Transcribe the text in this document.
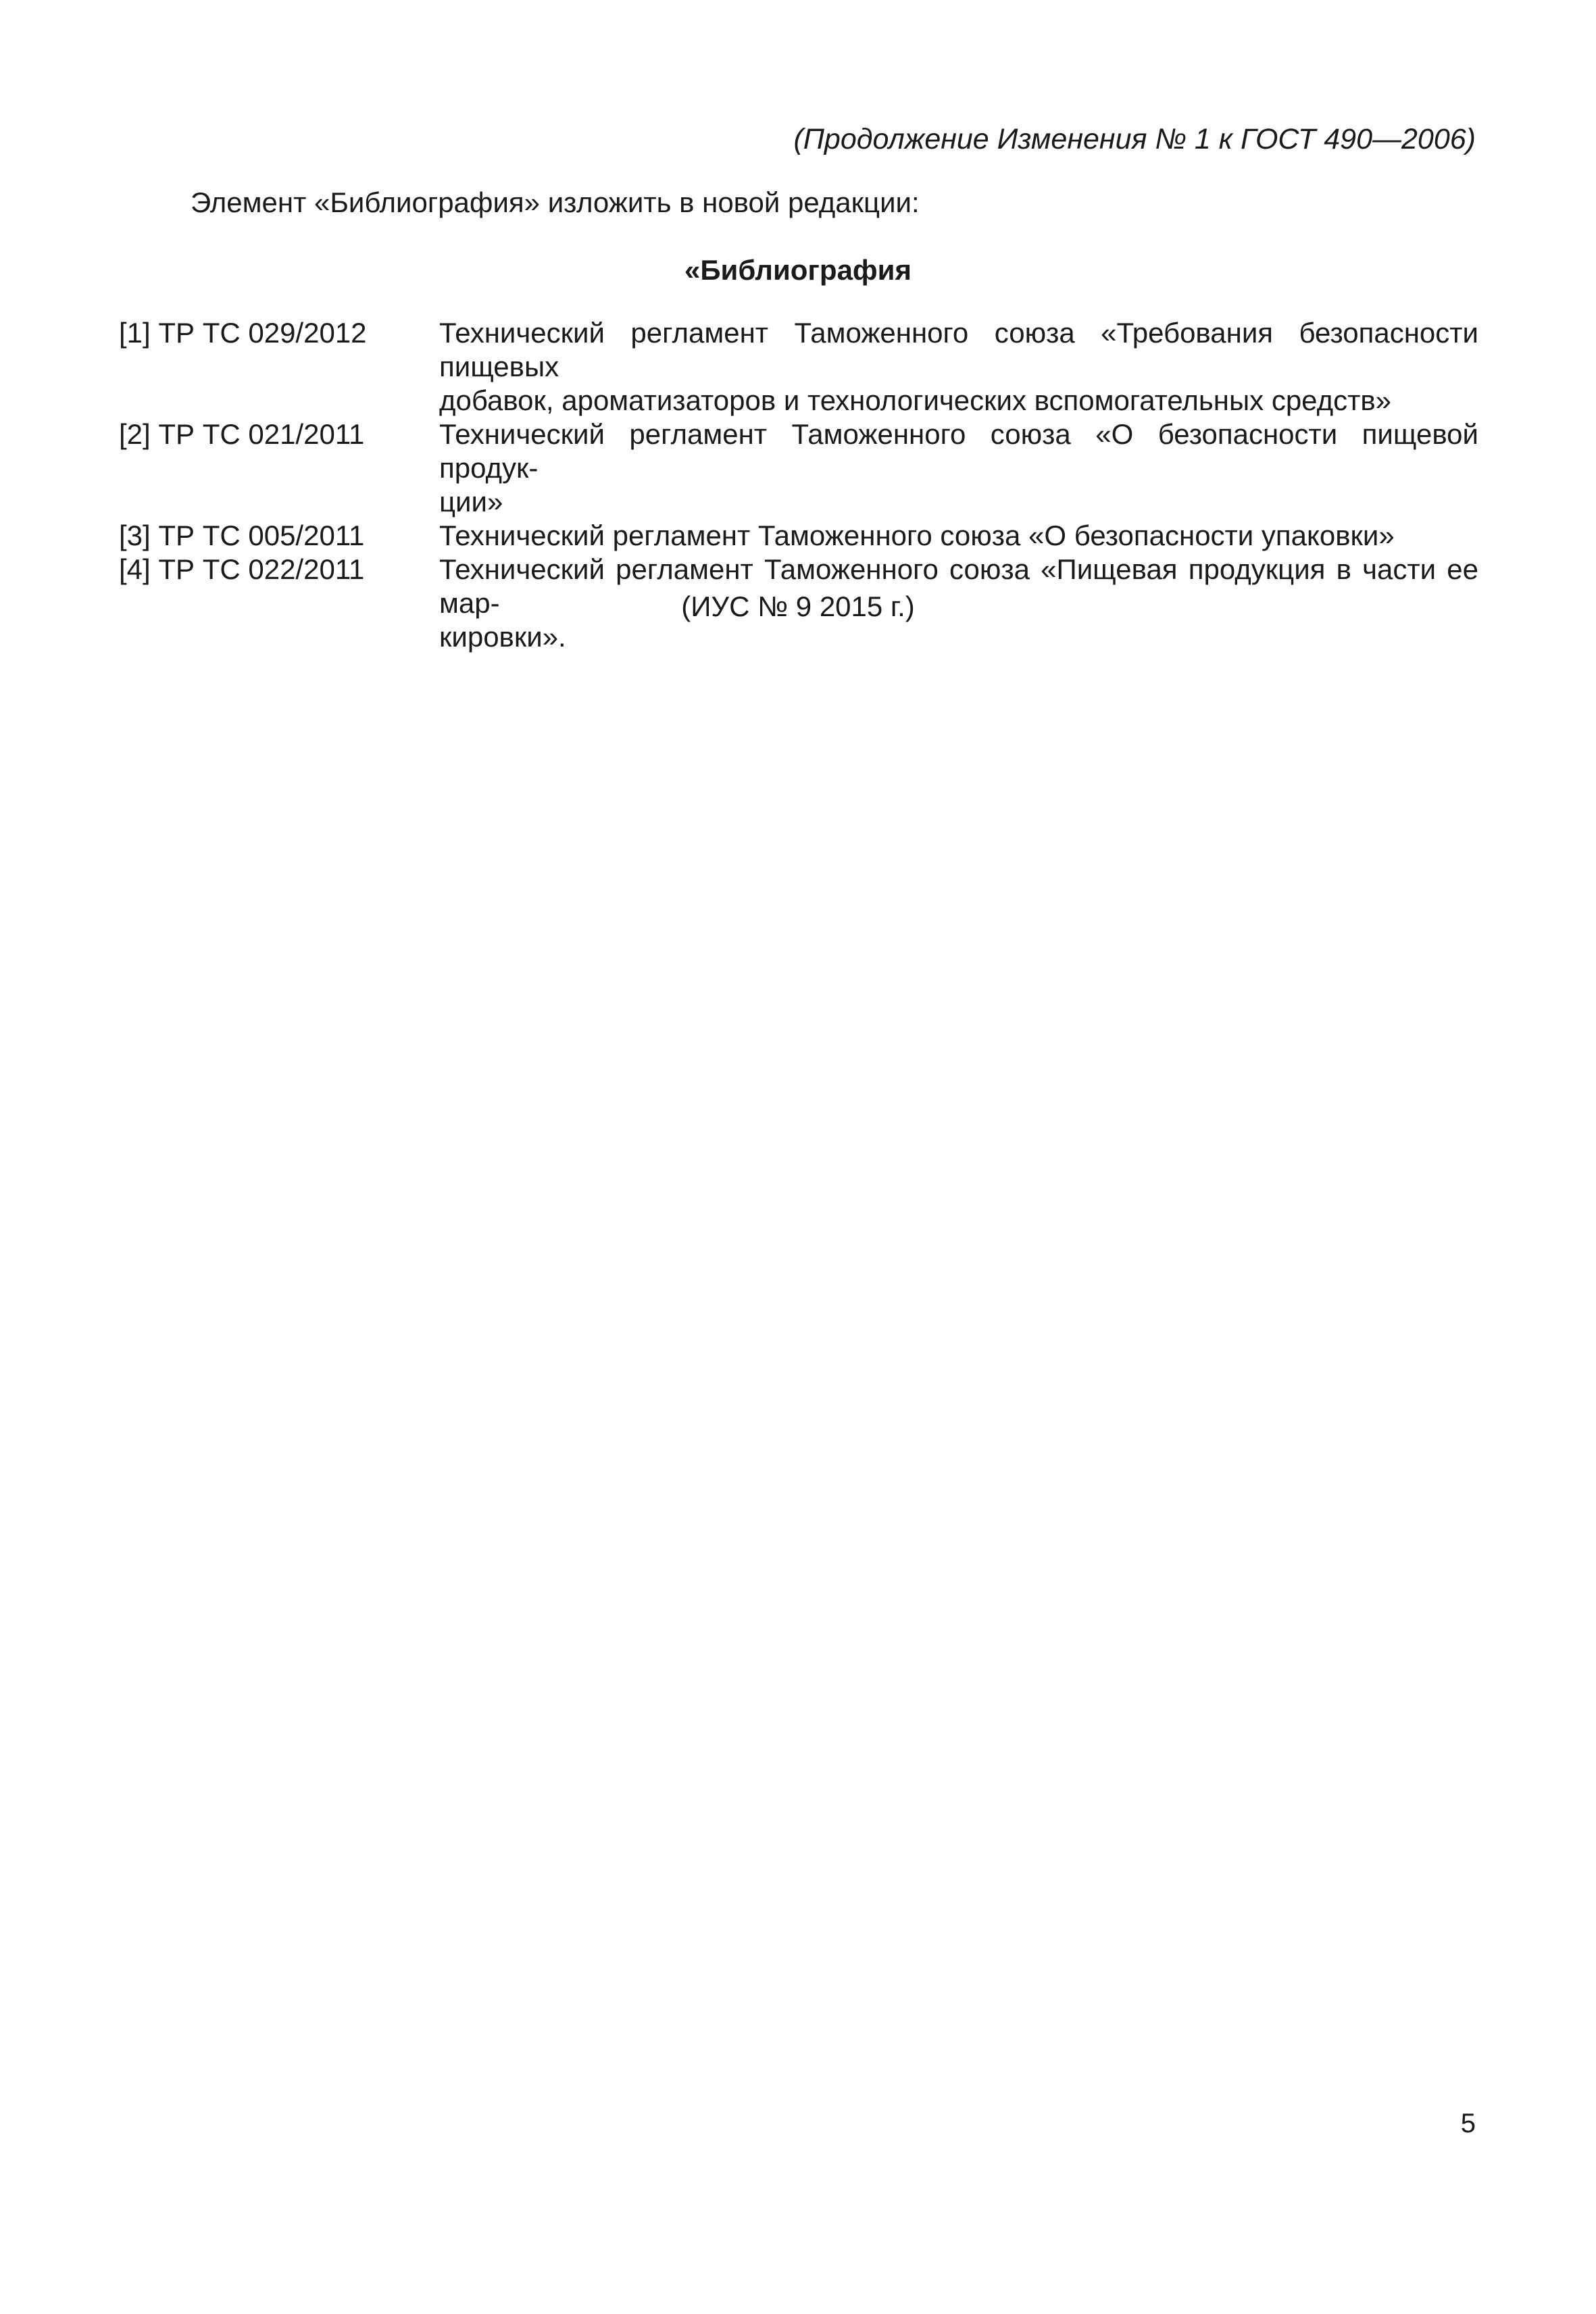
(Продолжение Изменения № 1 к ГОСТ 490—2006)
Элемент «Библиография» изложить в новой редакции:
«Библиография
[1] ТР ТС 029/2012	Технический регламент Таможенного союза «Требования безопасности пищевых
добавок, ароматизаторов и технологических вспомогательных средств»
[2] ТР ТС 021/2011	Технический регламент Таможенного союза «О безопасности пищевой продук-
ции»
[3] ТР ТС 005/2011	Технический регламент Таможенного союза «О безопасности упаковки»
[4] ТР ТС 022/2011	Технический регламент Таможенного союза «Пищевая продукция в части ее мар-
кировки».
(ИУС № 9 2015 г.)
5
